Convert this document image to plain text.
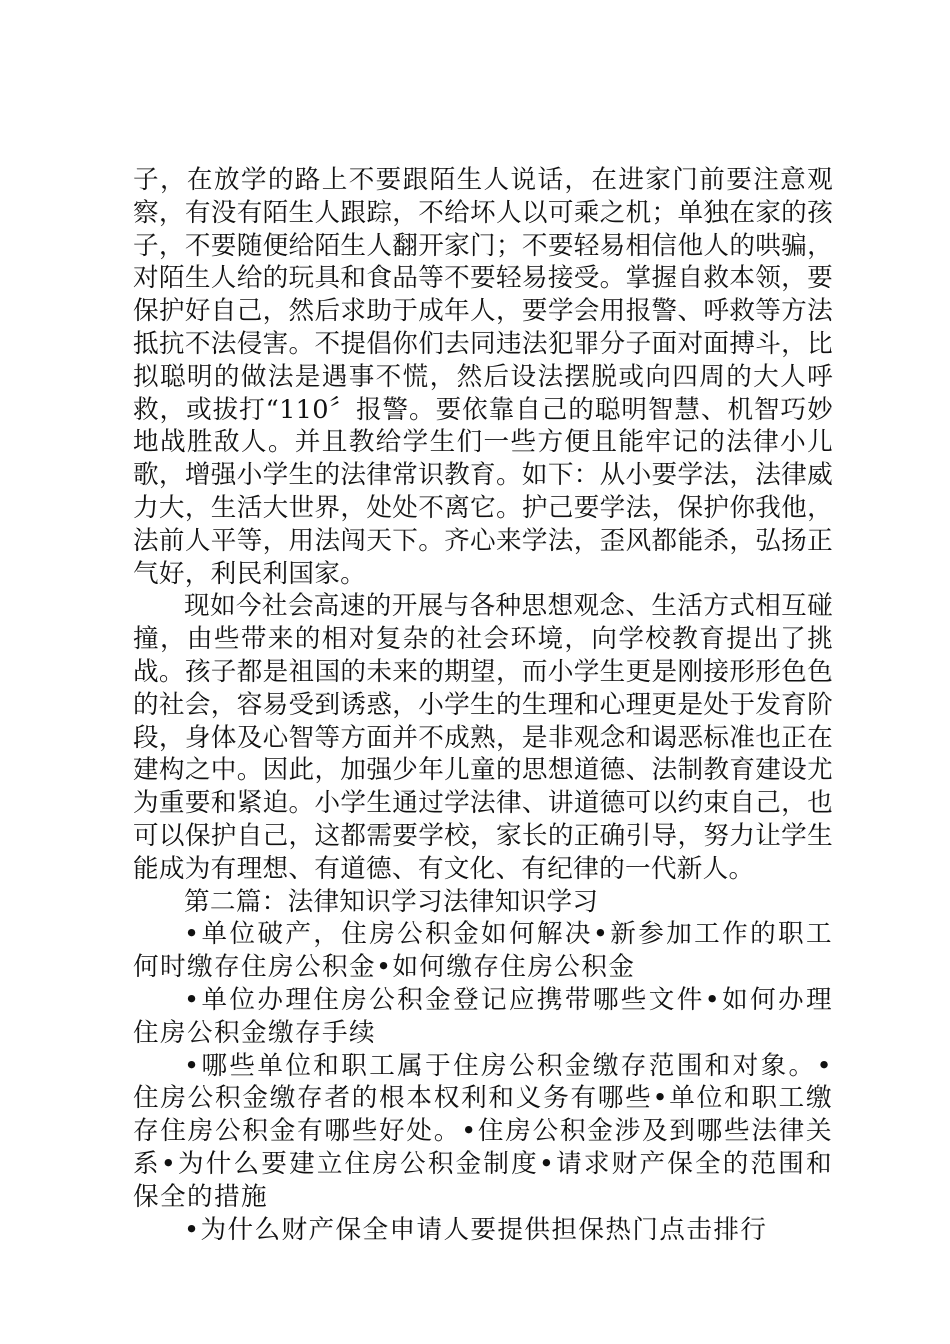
子，在放学的路上不要跟陌生人说话，在进家门前要注意观察，有没有陌生人跟踪，不给坏人以可乘之机；单独在家的孩子，不要随便给陌生人翻开家门；不要轻易相信他人的哄骗，对陌生人给的玩具和食品等不要轻易接受。掌握自救本领，要保护好自己，然后求助于成年人，要学会用报警、呼救等方法抵抗不法侵害。不提倡你们去同违法犯罪分子面对面搏斗，比拟聪明的做法是遇事不慌，然后设法摆脱或向四周的大人呼救，或拔打“110〞报警。要依靠自己的聪明智慧、机智巧妙地战胜敌人。并且教给学生们一些方便且能牢记的法律小儿歌，增强小学生的法律常识教育。如下：从小要学法，法律威力大，生活大世界，处处不离它。护己要学法，保护你我他，法前人平等，用法闯天下。齐心来学法，歪风都能杀，弘扬正气好，利民利国家。

现如今社会高速的开展与各种思想观念、生活方式相互碰撞，由些带来的相对复杂的社会环境，向学校教育提出了挑战。孩子都是祖国的未来的期望，而小学生更是刚接形形色色的社会，容易受到诱惑，小学生的生理和心理更是处于发育阶段，身体及心智等方面并不成熟，是非观念和谒恶标准也正在建构之中。因此，加强少年儿童的思想道德、法制教育建设尤为重要和紧迫。小学生通过学法律、讲道德可以约束自己，也可以保护自己，这都需要学校，家长的正确引导，努力让学生能成为有理想、有道德、有文化、有纪律的一代新人。

第二篇：法律知识学习法律知识学习

•单位破产，住房公积金如何解决•新参加工作的职工何时缴存住房公积金•如何缴存住房公积金

•单位办理住房公积金登记应携带哪些文件•如何办理住房公积金缴存手续

•哪些单位和职工属于住房公积金缴存范围和对象。•住房公积金缴存者的根本权利和义务有哪些•单位和职工缴存住房公积金有哪些好处。•住房公积金涉及到哪些法律关系•为什么要建立住房公积金制度•请求财产保全的范围和保全的措施

•为什么财产保全申请人要提供担保热门点击排行
